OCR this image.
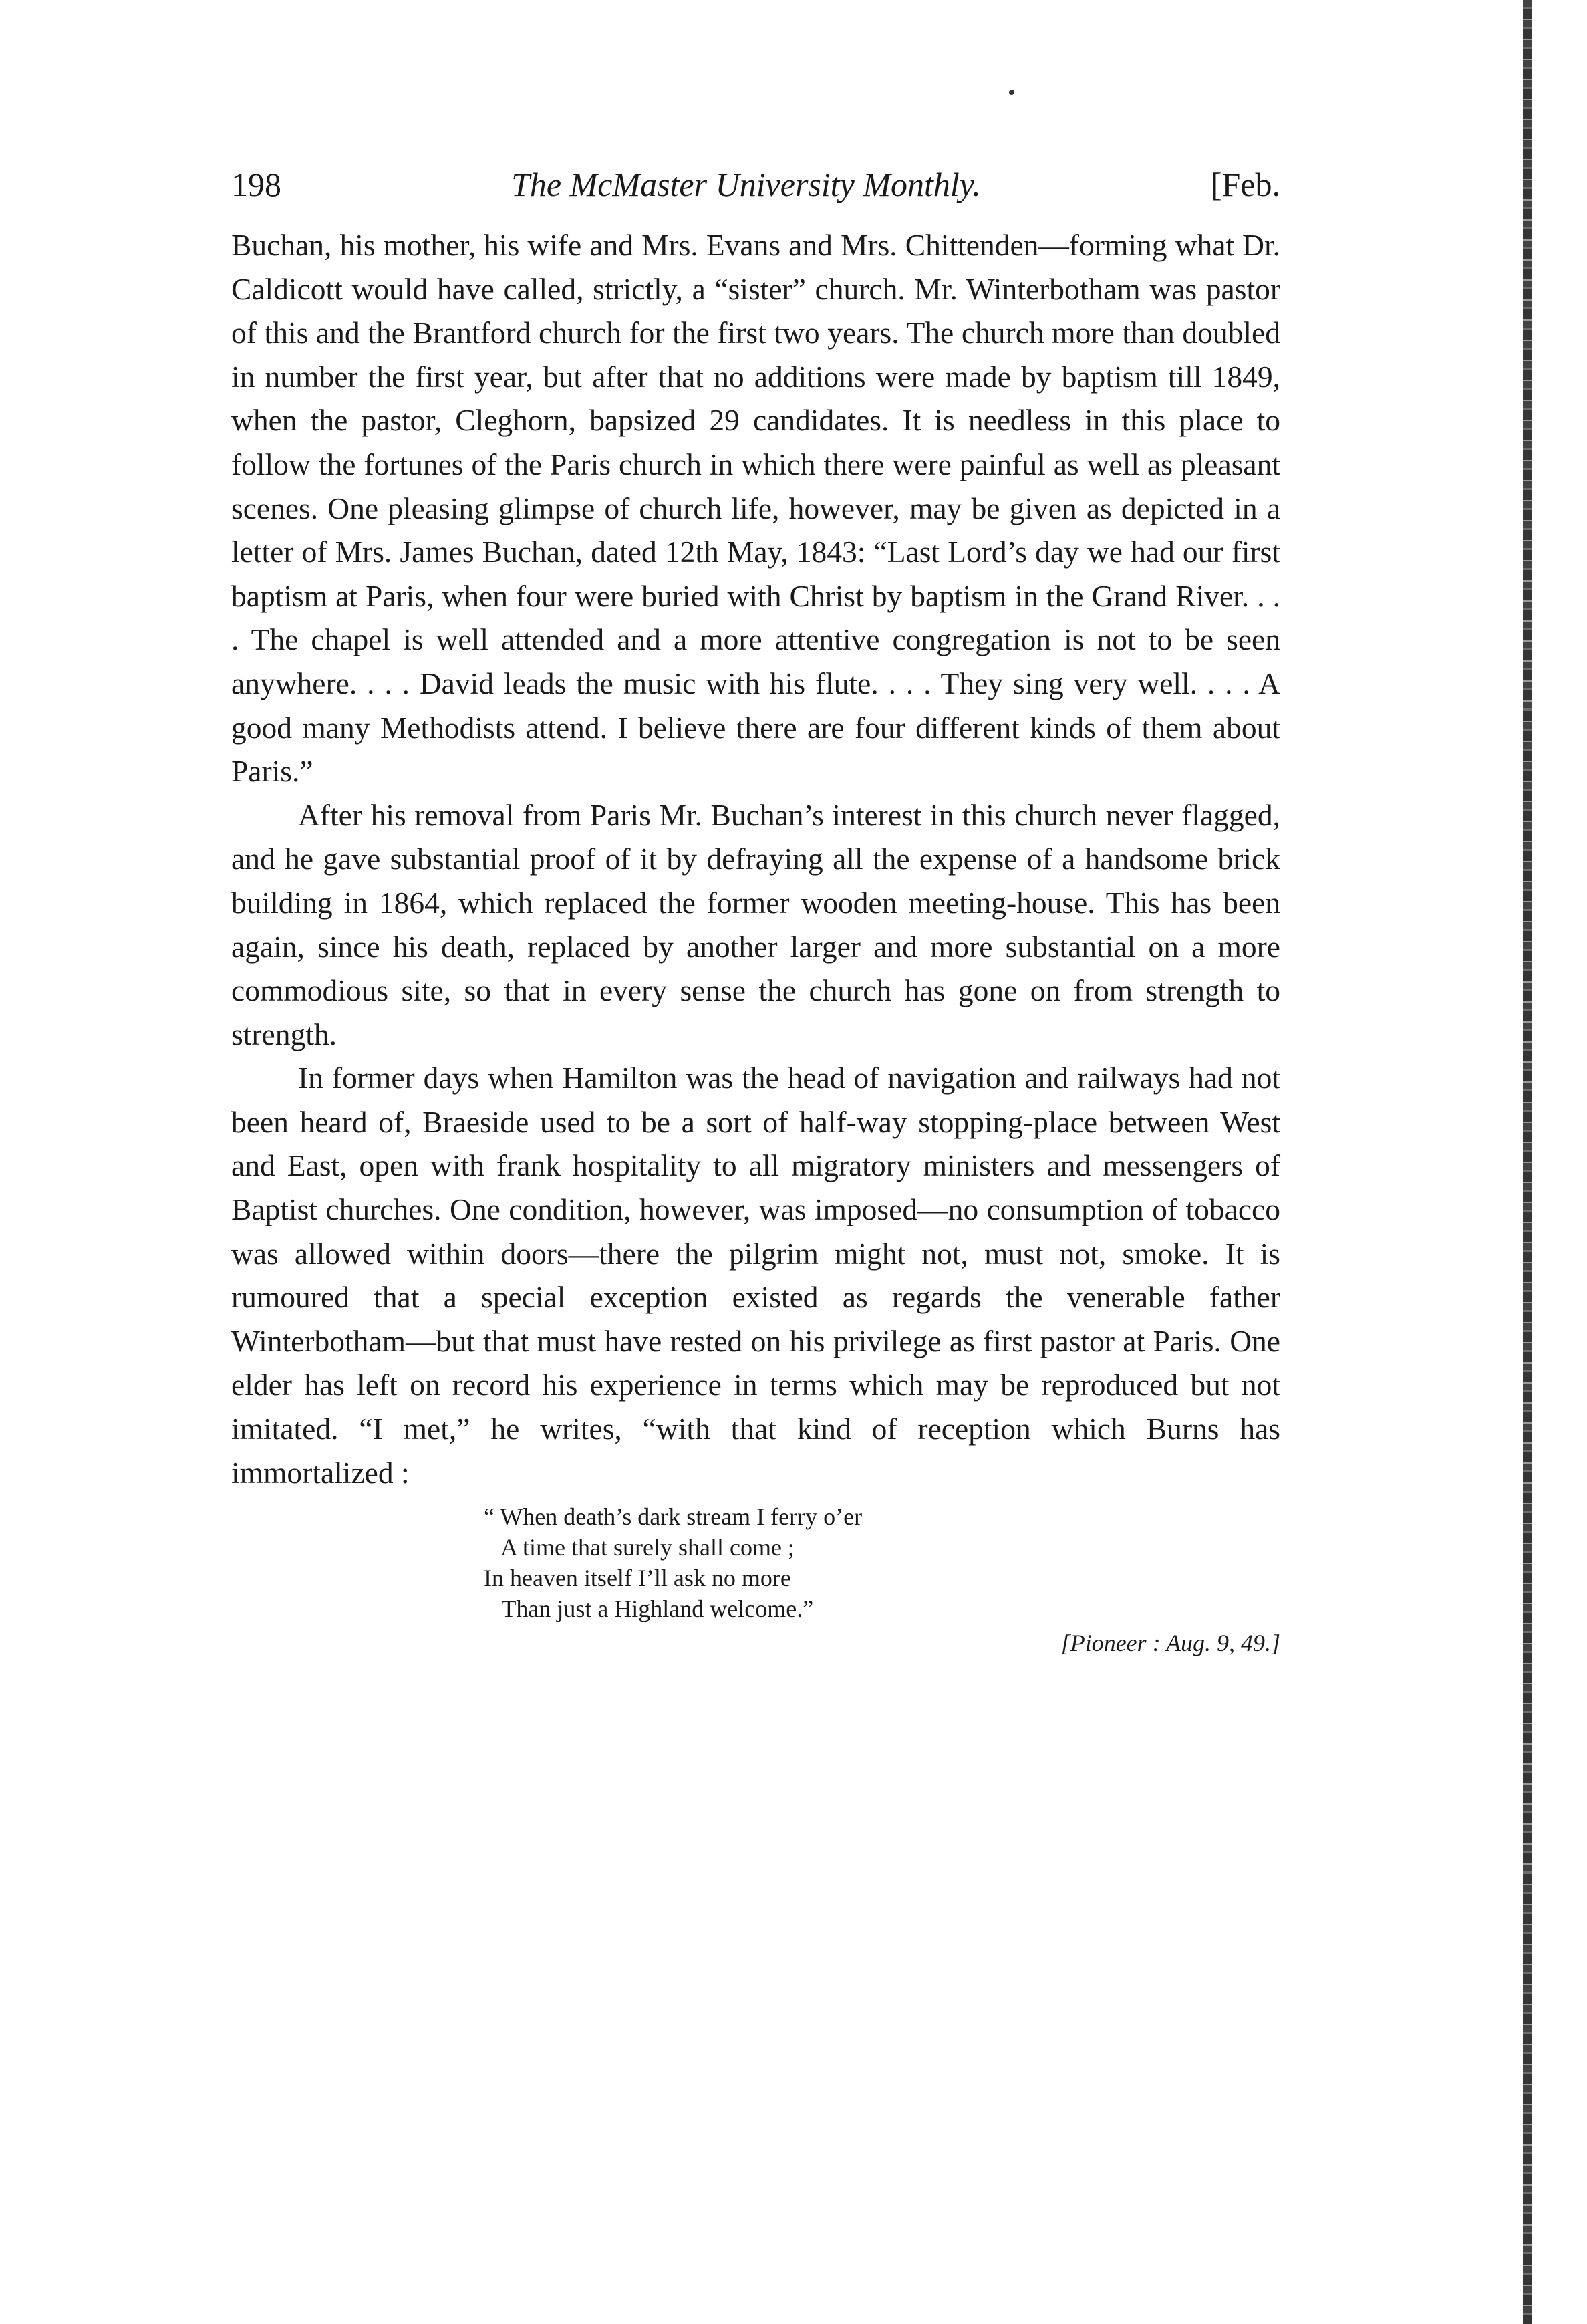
198	The McMaster University Monthly.	[Feb.

Buchan, his mother, his wife and Mrs. Evans and Mrs. Chittenden—forming what Dr. Caldicott would have called, strictly, a “sister” church. Mr. Winterbotham was pastor of this and the Brantford church for the first two years. The church more than doubled in number the first year, but after that no additions were made by baptism till 1849, when the pastor, Cleghorn, bapsized 29 candidates. It is needless in this place to follow the fortunes of the Paris church in which there were painful as well as pleasant scenes. One pleasing glimpse of church life, however, may be given as depicted in a letter of Mrs. James Buchan, dated 12th May, 1843: “Last Lord’s day we had our first baptism at Paris, when four were buried with Christ by baptism in the Grand River. . . . The chapel is well attended and a more attentive congregation is not to be seen anywhere. . . . David leads the music with his flute. . . . They sing very well. . . . A good many Methodists attend. I believe there are four different kinds of them about Paris.”

After his removal from Paris Mr. Buchan’s interest in this church never flagged, and he gave substantial proof of it by defraying all the expense of a handsome brick building in 1864, which replaced the former wooden meeting-house. This has been again, since his death, replaced by another larger and more substantial on a more commodious site, so that in every sense the church has gone on from strength to strength.

In former days when Hamilton was the head of navigation and railways had not been heard of, Braeside used to be a sort of half-way stopping-place between West and East, open with frank hospitality to all migratory ministers and messengers of Baptist churches. One condition, however, was imposed—no consumption of tobacco was allowed within doors—there the pilgrim might not, must not, smoke. It is rumoured that a special exception existed as regards the venerable father Winterbotham—but that must have rested on his privilege as first pastor at Paris. One elder has left on record his experience in terms which may be reproduced but not imitated. “I met,” he writes, “with that kind of reception which Burns has immortalized :

“ When death’s dark stream I ferry o’er
A time that surely shall come ;
In heaven itself I’ll ask no more
Than just a Highland welcome.”
[Pioneer : Aug. 9, 49.]
